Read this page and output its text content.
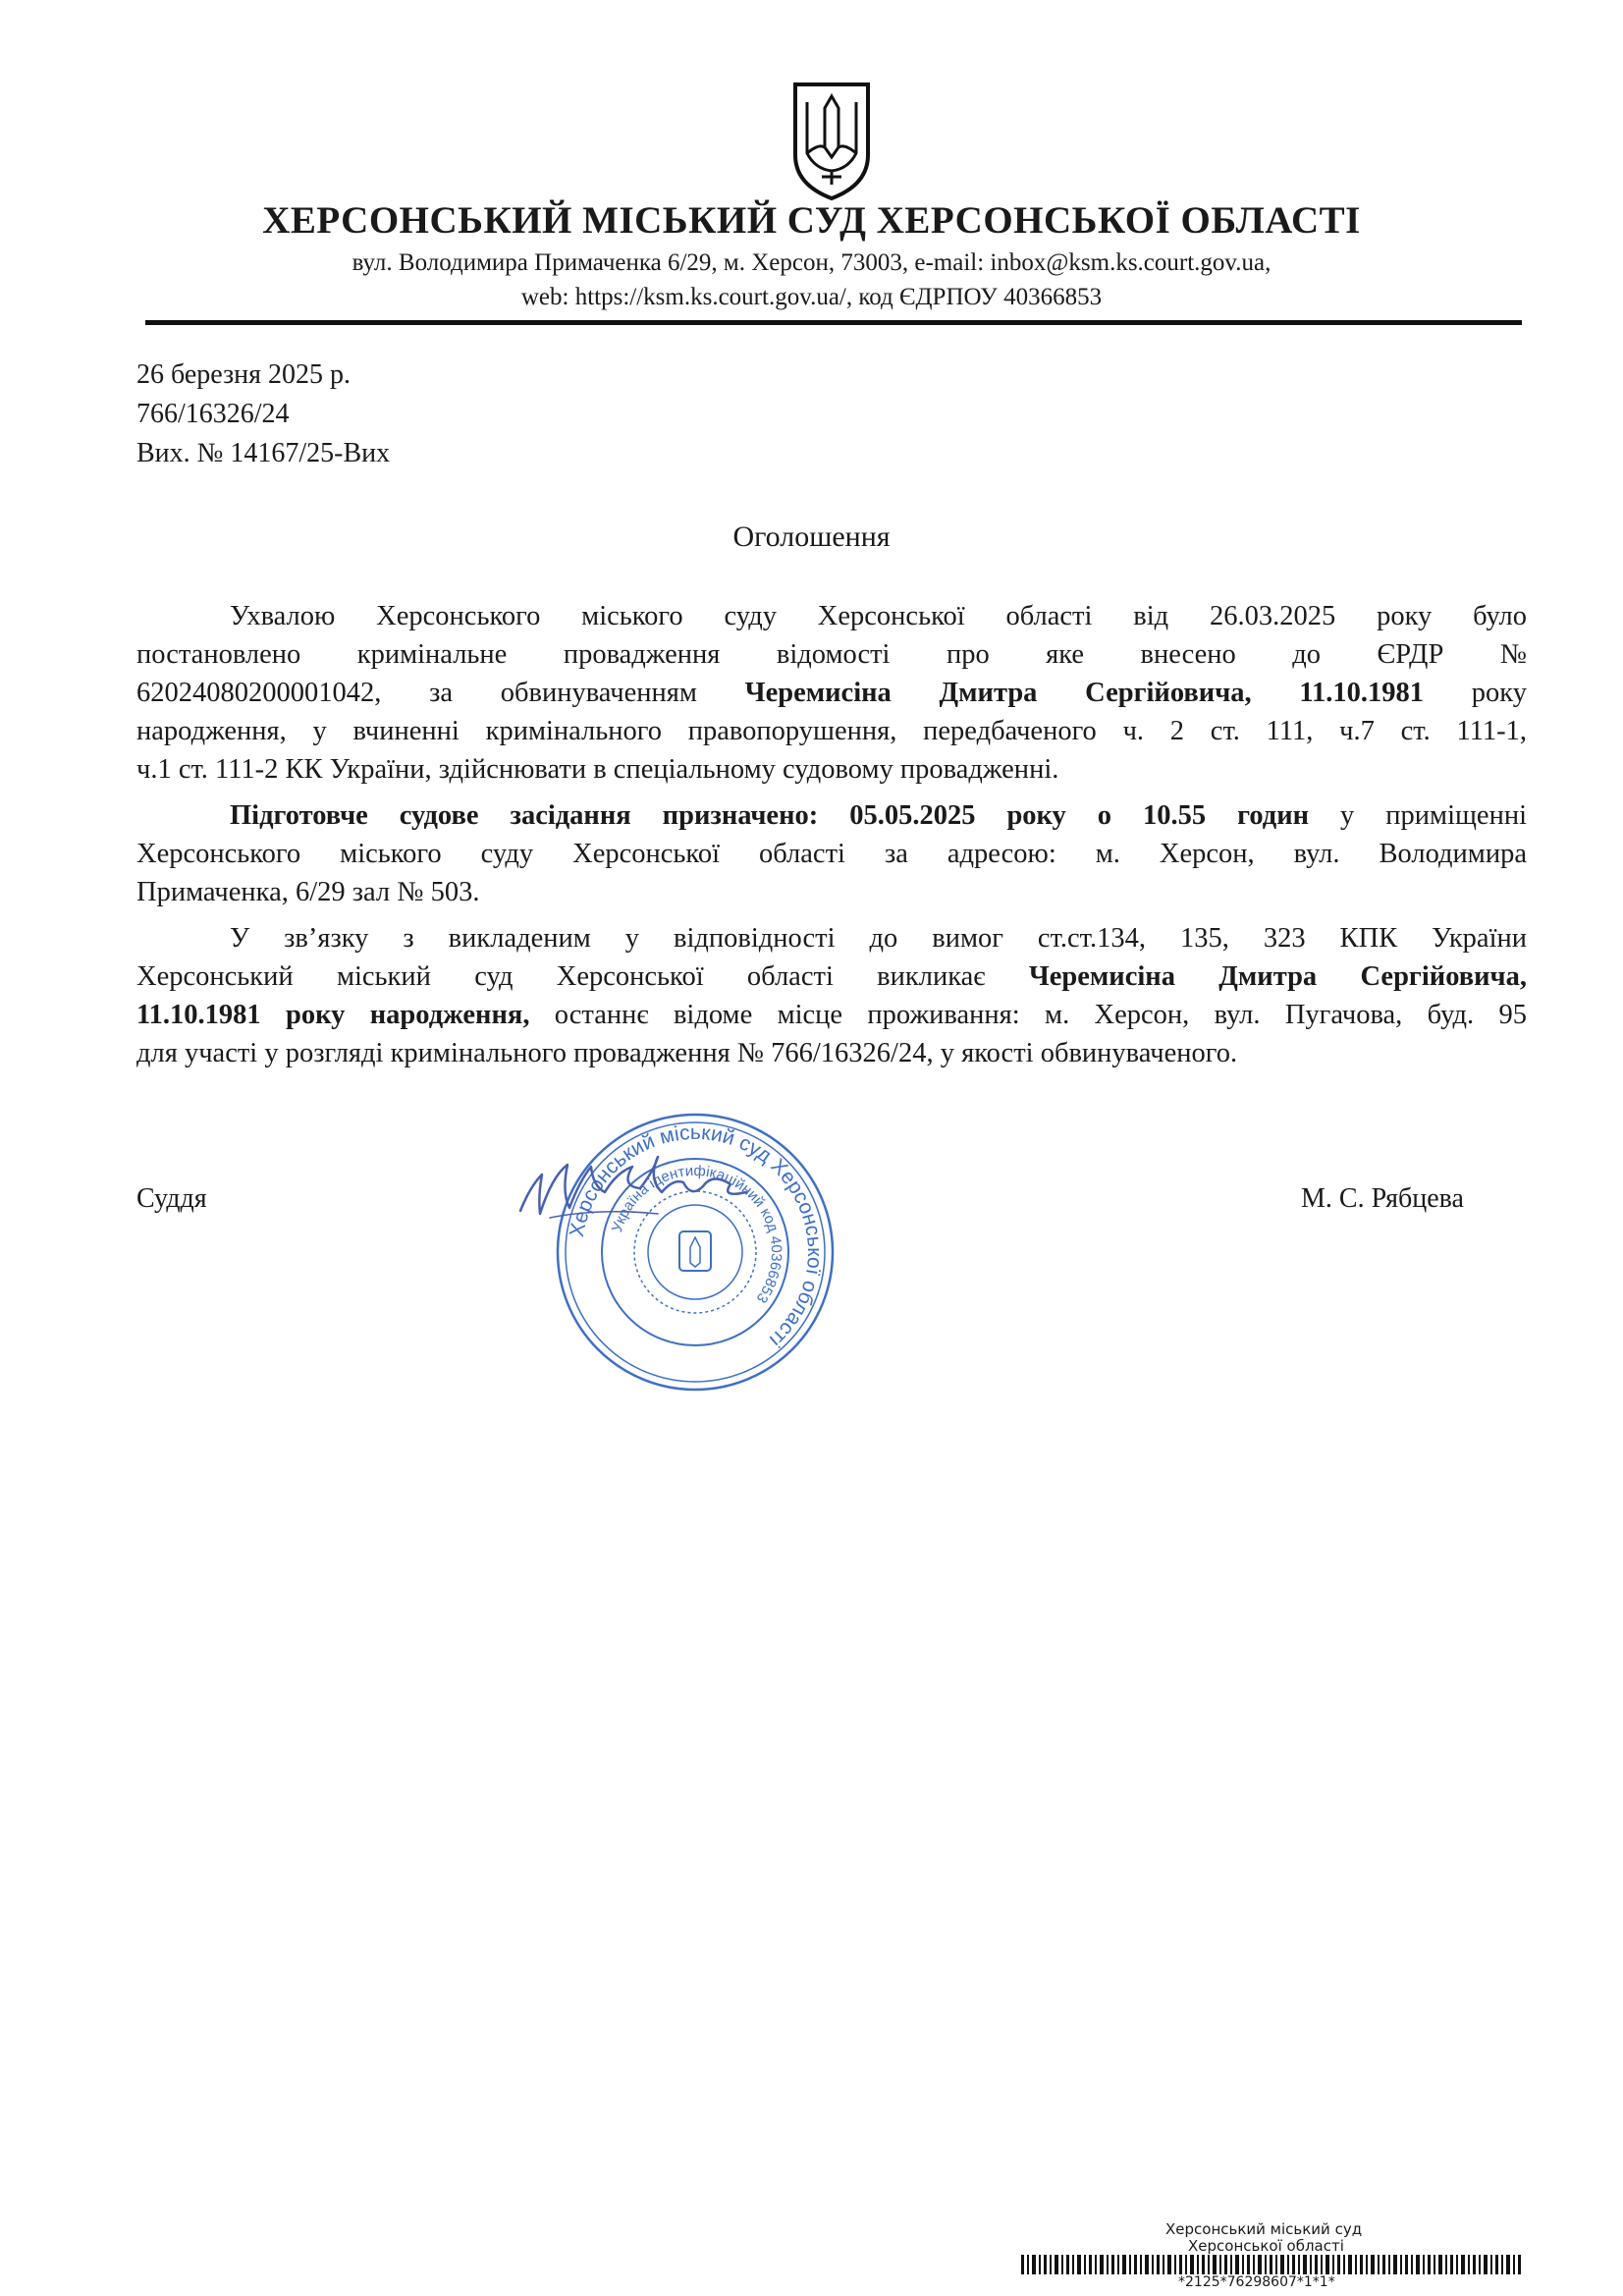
ХЕРСОНСЬКИЙ МІСЬКИЙ СУД ХЕРСОНСЬКОЇ ОБЛАСТІ
вул. Володимира Примаченка 6/29, м. Херсон, 73003, e-mail: inbox@ksm.ks.court.gov.ua,
web: https://ksm.ks.court.gov.ua/, код ЄДРПОУ 40366853
26 березня 2025 р.
766/16326/24
Вих. № 14167/25-Вих
Оголошення
Ухвалою Херсонського міського суду Херсонської області від 26.03.2025 року було
постановлено кримінальне провадження відомості про яке внесено до ЄРДР №
62024080200001042, за обвинуваченням Черемисіна Дмитра Сергійовича, 11.10.1981 року
народження, у вчиненні кримінального правопорушення, передбаченого ч. 2 ст. 111, ч.7 ст. 111-1,
ч.1 ст. 111-2 КК України, здійснювати в спеціальному судовому провадженні.
Підготовче судове засідання призначено: 05.05.2025 року о 10.55 годин у приміщенні
Херсонського міського суду Херсонської області за адресою: м. Херсон, вул. Володимира
Примаченка, 6/29 зал № 503.
У зв’язку з викладеним у відповідності до вимог ст.ст.134, 135, 323 КПК України
Херсонський міський суд Херсонської області викликає Черемисіна Дмитра Сергійовича,
11.10.1981 року народження, останнє відоме місце проживання: м. Херсон, вул. Пугачова, буд. 95
для участі у розгляді кримінального провадження № 766/16326/24, у якості обвинуваченого.
Херсонський міський суд Херсонської області
Україна ідентифікаційний код 40366853
Суддя	М. С. Рябцева
Херсонський міський суд
Херсонської області
*2125*76298607*1*1*
